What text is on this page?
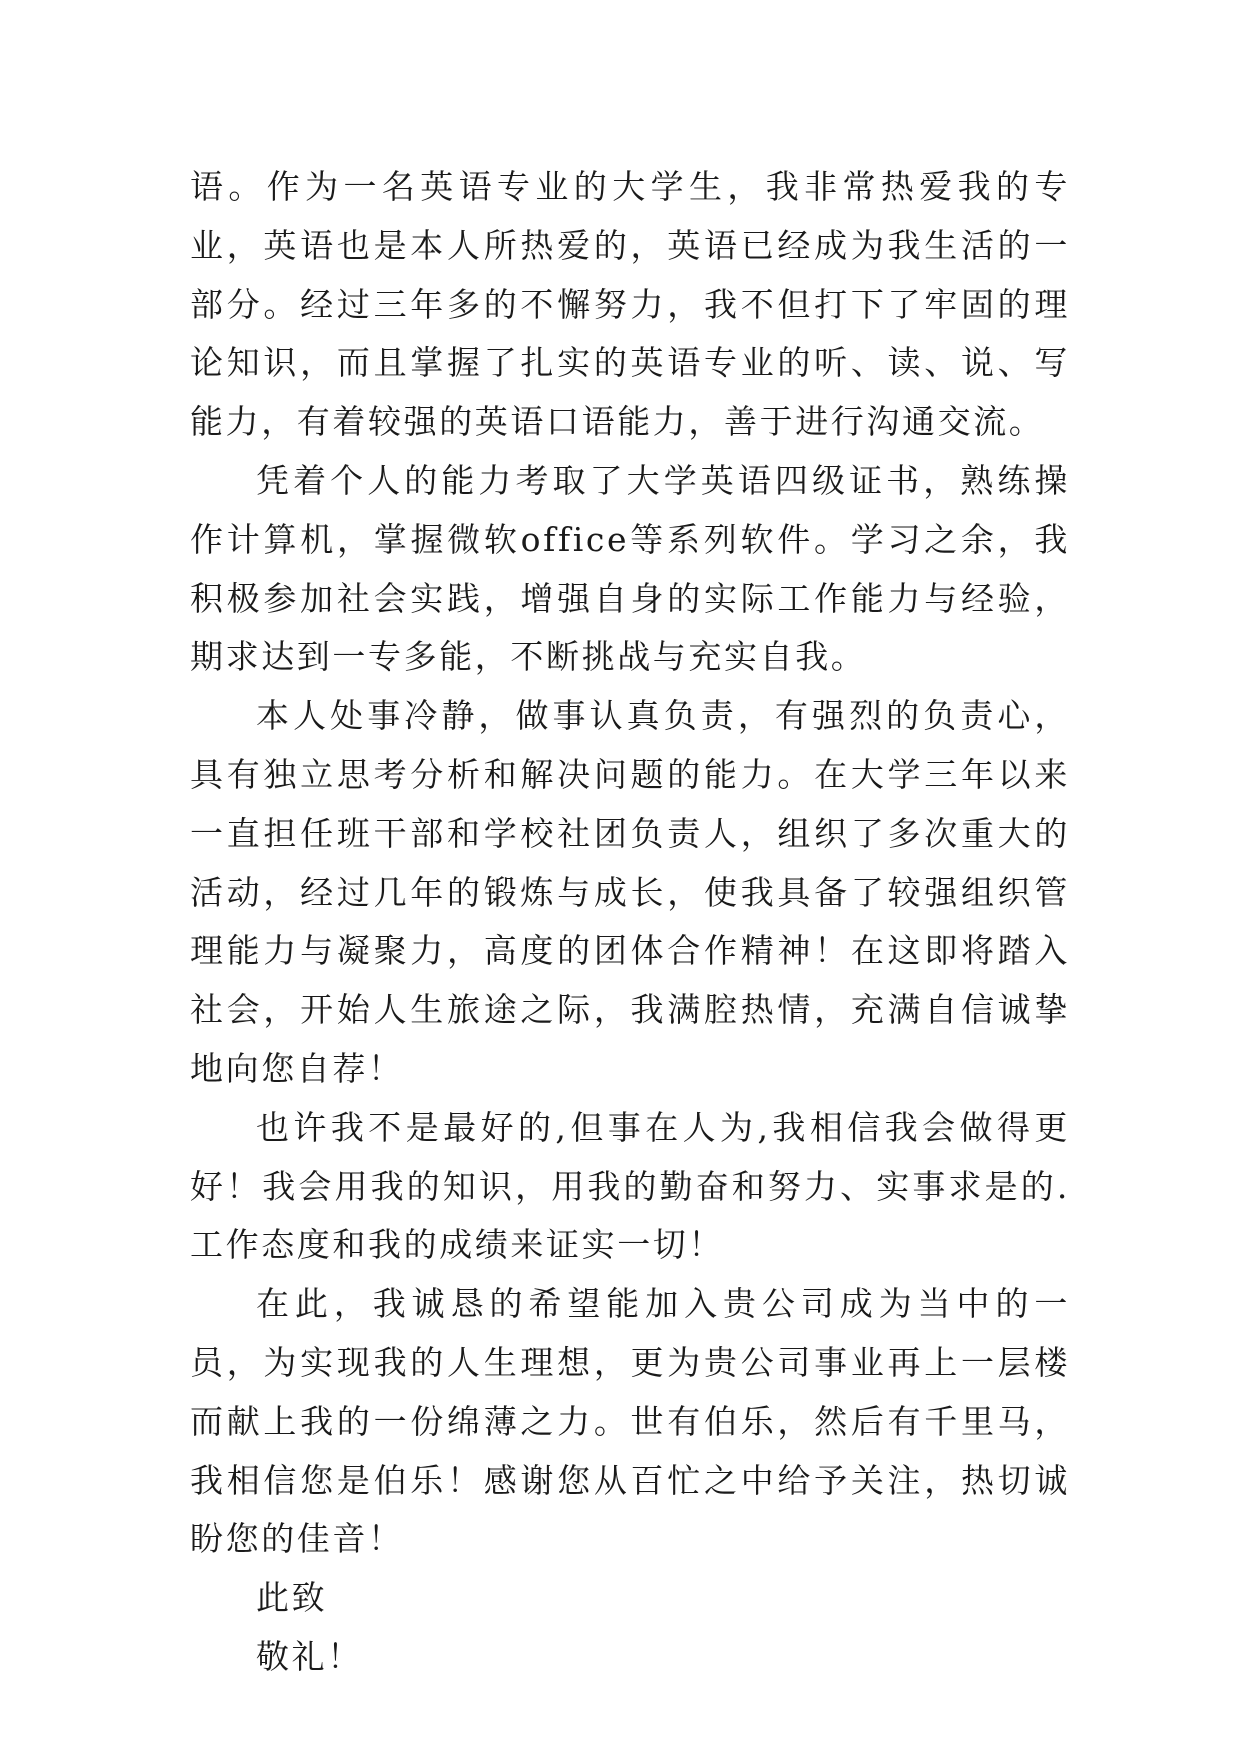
语。作为一名英语专业的大学生，我非常热爱我的专业，英语也是本人所热爱的，英语已经成为我生活的一部分。经过三年多的不懈努力，我不但打下了牢固的理论知识，而且掌握了扎实的英语专业的听、读、说、写能力，有着较强的英语口语能力，善于进行沟通交流。

凭着个人的能力考取了大学英语四级证书，熟练操作计算机，掌握微软office等系列软件。学习之余，我积极参加社会实践，增强自身的实际工作能力与经验，期求达到一专多能，不断挑战与充实自我。

本人处事冷静，做事认真负责，有强烈的负责心，具有独立思考分析和解决问题的能力。在大学三年以来一直担任班干部和学校社团负责人，组织了多次重大的活动，经过几年的锻炼与成长，使我具备了较强组织管理能力与凝聚力，高度的团体合作精神！在这即将踏入社会，开始人生旅途之际，我满腔热情，充满自信诚挚地向您自荐！

也许我不是最好的,但事在人为,我相信我会做得更好！我会用我的知识，用我的勤奋和努力、实事求是的.工作态度和我的成绩来证实一切！

在此，我诚恳的希望能加入贵公司成为当中的一员，为实现我的人生理想，更为贵公司事业再上一层楼而献上我的一份绵薄之力。世有伯乐，然后有千里马，我相信您是伯乐！感谢您从百忙之中给予关注，热切诚盼您的佳音！

此致

敬礼！
